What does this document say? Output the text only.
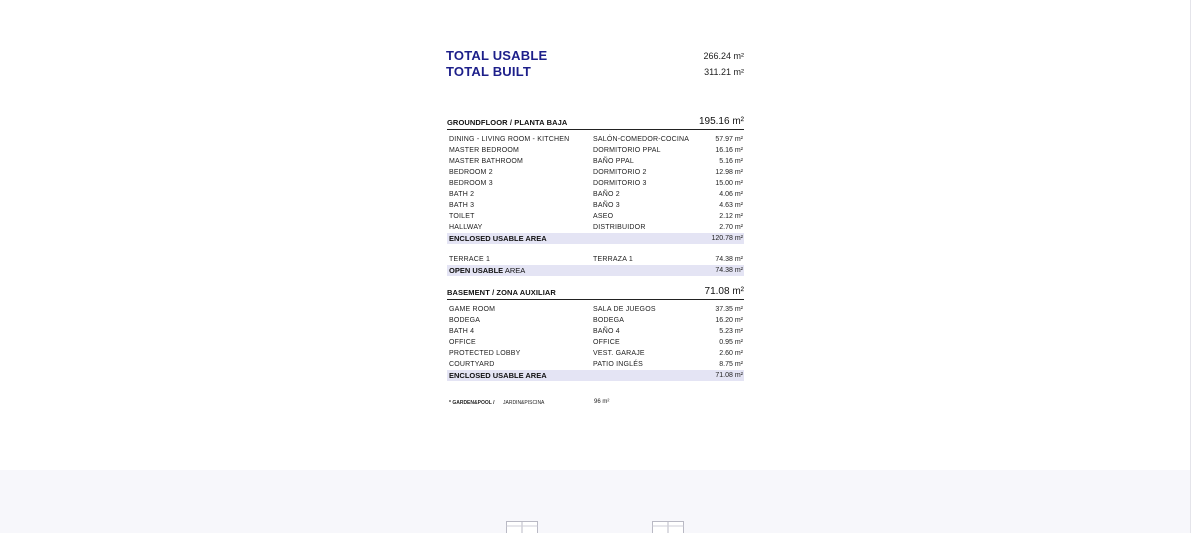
TOTAL USABLE	266.24 m²
TOTAL BUILT	311.21 m²
GROUNDFLOOR / PLANTA BAJA	195.16 m²
DINING - LIVING ROOM - KITCHEN	SALÓN-COMEDOR-COCINA	57.97 m²
MASTER BEDROOM	DORMITORIO PPAL	16.16 m²
MASTER BATHROOM	BAÑO PPAL	5.16 m²
BEDROOM 2	DORMITORIO 2	12.98 m²
BEDROOM 3	DORMITORIO 3	15.00 m²
BATH 2	BAÑO 2	4.06 m²
BATH 3	BAÑO 3	4.63 m²
TOILET	ASEO	2.12 m²
HALLWAY	DISTRIBUIDOR	2.70 m²
ENCLOSED USABLE AREA	120.78 m²
TERRACE 1	TERRAZA 1	74.38 m²
OPEN USABLE AREA	74.38 m²
BASEMENT / ZONA AUXILIAR	71.08 m²
GAME ROOM	SALA DE JUEGOS	37.35 m²
BODEGA	BODEGA	16.20 m²
BATH 4	BAÑO 4	5.23 m²
OFFICE	OFFICE	0.95 m²
PROTECTED LOBBY	VEST. GARAJE	2.60 m²
COURTYARD	PATIO INGLÉS	8.75 m²
ENCLOSED USABLE AREA	71.08 m²
* GARDEN&POOL / JARDIN&PISCINA	96 m²
